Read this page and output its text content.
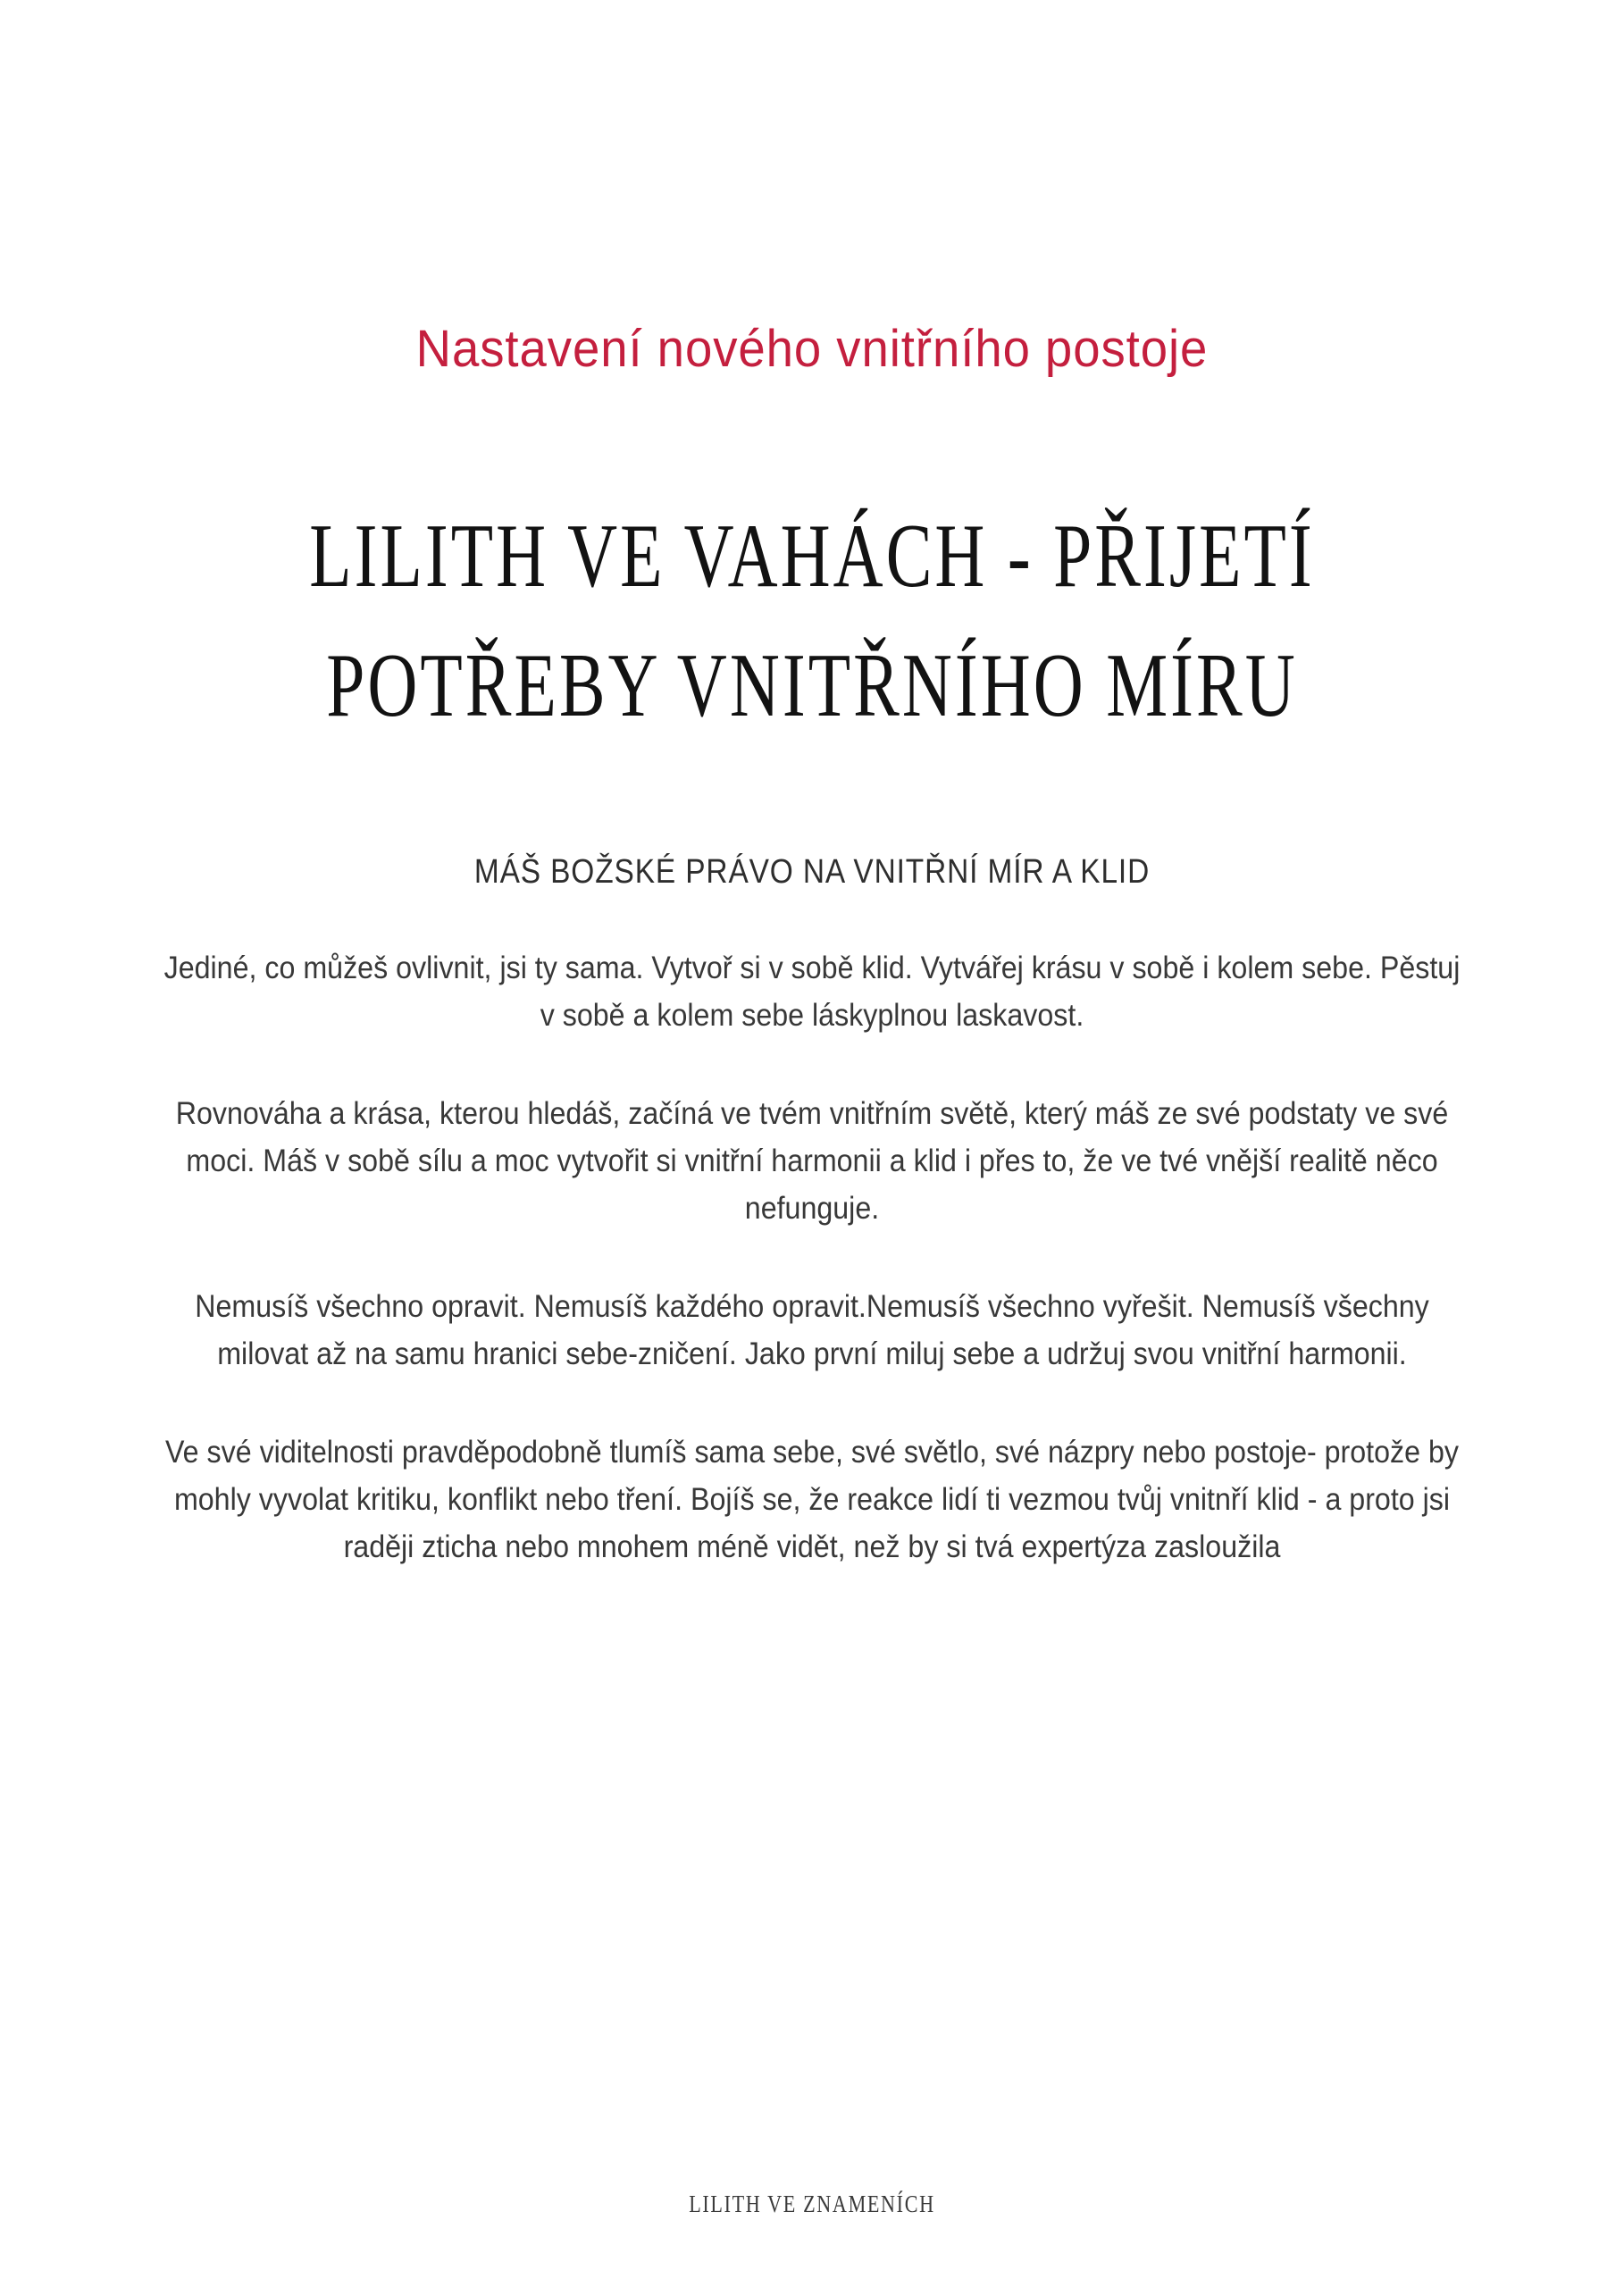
Nastavení nového vnitřního postoje
LILITH VE VAHÁCH - PŘIJETÍ
POTŘEBY VNITŘNÍHO MÍRU
MÁŠ BOŽSKÉ PRÁVO NA VNITŘNÍ MÍR A KLID

Jediné, co můžeš ovlivnit, jsi ty sama. Vytvoř si v sobě klid. Vytvářej krásu v sobě i kolem sebe. Pěstuj v sobě a kolem sebe láskyplnou laskavost.

Rovnováha a krása, kterou hledáš, začíná ve tvém vnitřním světě, který máš ze své podstaty ve své moci. Máš v sobě sílu a moc vytvořit si vnitřní harmonii a klid i přes to, že ve tvé vnější realitě něco nefunguje.

Nemusíš všechno opravit. Nemusíš každého opravit.Nemusíš všechno vyřešit. Nemusíš všechny milovat až na samu hranici sebe-zničení. Jako první miluj sebe a udržuj svou vnitřní harmonii.

Ve své viditelnosti pravděpodobně tlumíš sama sebe, své světlo, své názpry nebo postoje- protože by mohly vyvolat kritiku, konflikt nebo tření. Bojíš se, že reakce lidí ti vezmou tvůj vnitnří klid - a proto jsi raději zticha nebo mnohem méně vidět, než by si tvá expertýza zasloužila

LILITH VE ZNAMENÍCH
